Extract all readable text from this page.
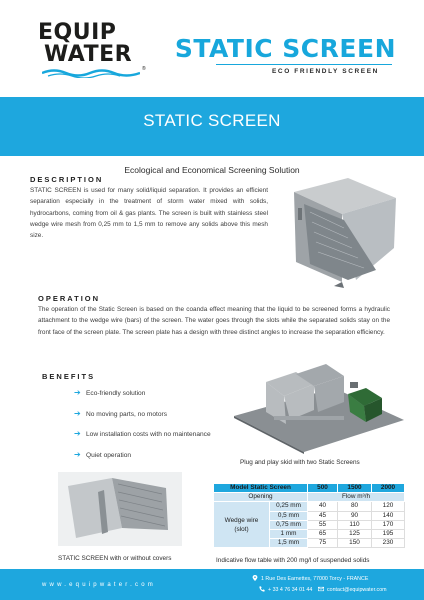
EQUIP
WATER
®
STATIC SCREEN
ECO FRIENDLY SCREEN
STATIC SCREEN
Ecological and Economical Screening Solution
DESCRIPTION
STATIC SCREEN is used for many solid/liquid separation. It provides an efficient separation especially in the treatment of storm water mixed with solids, hydrocarbons, coming from oil & gas plants. The screen is built with stainless steel wedge wire mesh from 0,25 mm to 1,5 mm to remove any solids above this mesh size.
OPERATION
The operation of the Static Screen is based on the coanda effect meaning that the liquid to be screened forms a hydraulic attachment to the wedge wire (bars) of the screen. The water goes through the slots while the separated solids stay on the front face of the screen plate. The screen plate has a design with three distinct angles to increase the separation efficiency.
BENEFITS
➔ Eco-friendly solution
➔ No moving parts, no motors
➔ Low installation costs with no maintenance
➔ Quiet operation
Plug and play skid with two Static Screens
STATIC SCREEN with or without covers
Model Static Screen		500	1500	2000
Opening		Flow m³/h		
Wedge wire
(slot)	0,25 mm	40	80	120
	0,5 mm	45	90	140
	0,75 mm	55	110	170
	1 mm	65	125	195
	1,5 mm	75	150	230
Indicative flow table with 200 mg/l of suspended solids
www.equipwater.com
1 Rue Des Earnettes, 77000 Torcy - FRANCE
+ 33 4 76 34 01 44	contact@equipwater.com
